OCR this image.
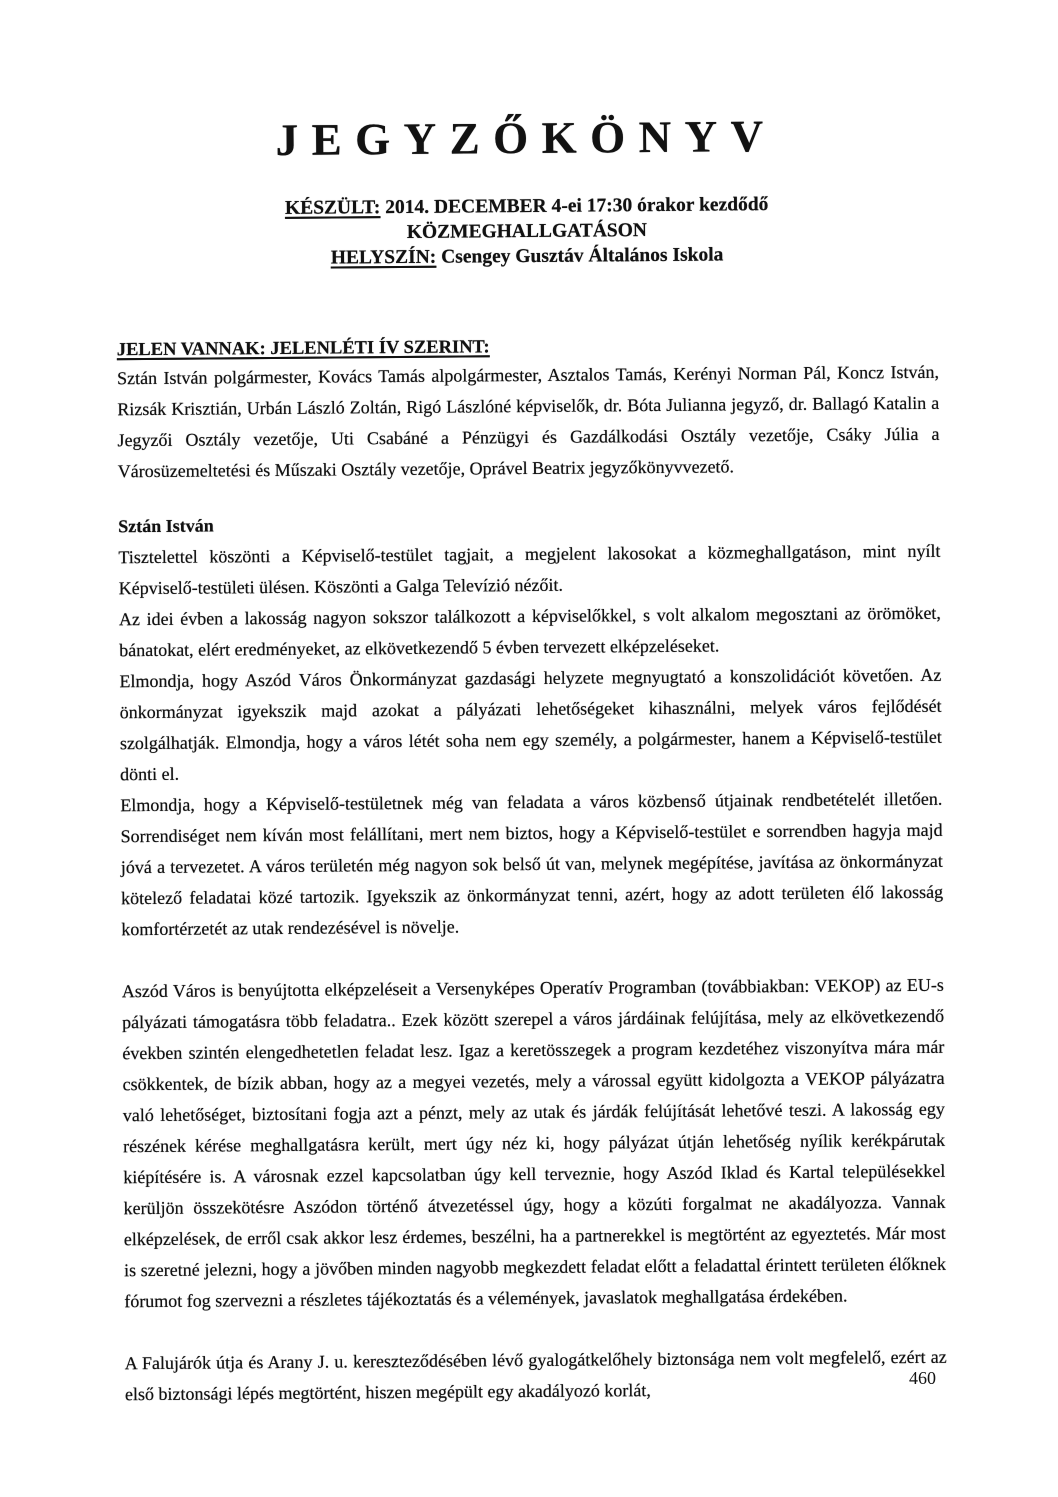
JEGYZŐKÖNYV
KÉSZÜLT: 2014. DECEMBER 4-ei 17:30 órakor kezdődő
KÖZMEGHALLGATÁSON
HELYSZÍN: Csengey Gusztáv Általános Iskola
JELEN VANNAK: JELENLÉTI ÍV SZERINT:

Sztán István polgármester, Kovács Tamás alpolgármester, Asztalos Tamás, Kerényi Norman Pál, Koncz István, Rizsák Krisztián, Urbán László Zoltán, Rigó Lászlóné képviselők, dr. Bóta Julianna jegyző, dr. Ballagó Katalin a Jegyzői Osztály vezetője, Uti Csabáné a Pénzügyi és Gazdálkodási Osztály vezetője, Csáky Júlia a Városüzemeltetési és Műszaki Osztály vezetője, Oprável Beatrix jegyzőkönyvvezető.

Sztán István

Tisztelettel köszönti a Képviselő-testület tagjait, a megjelent lakosokat a közmeghallgatáson, mint nyílt Képviselő-testületi ülésen. Köszönti a Galga Televízió nézőit.

Az idei évben a lakosság nagyon sokszor találkozott a képviselőkkel, s volt alkalom megosztani az örömöket, bánatokat, elért eredményeket, az elkövetkezendő 5 évben tervezett elképzeléseket.

Elmondja, hogy Aszód Város Önkormányzat gazdasági helyzete megnyugtató a konszolidációt követően. Az önkormányzat igyekszik majd azokat a pályázati lehetőségeket kihasználni, melyek város fejlődését szolgálhatják. Elmondja, hogy a város létét soha nem egy személy, a polgármester, hanem a Képviselő-testület dönti el.

Elmondja, hogy a Képviselő-testületnek még van feladata a város közbenső útjainak rendbetételét illetően. Sorrendiséget nem kíván most felállítani, mert nem biztos, hogy a Képviselő-testület e sorrendben hagyja majd jóvá a tervezetet. A város területén még nagyon sok belső út van, melynek megépítése, javítása az önkormányzat kötelező feladatai közé tartozik. Igyekszik az önkormányzat tenni, azért, hogy az adott területen élő lakosság komfortérzetét az utak rendezésével is növelje.

Aszód Város is benyújtotta elképzeléseit a Versenyképes Operatív Programban (továbbiakban: VEKOP) az EU-s pályázati támogatásra több feladatra.. Ezek között szerepel a város járdáinak felújítása, mely az elkövetkezendő években szintén elengedhetetlen feladat lesz. Igaz a keretösszegek a program kezdetéhez viszonyítva mára már csökkentek, de bízik abban, hogy az a megyei vezetés, mely a várossal együtt kidolgozta a VEKOP pályázatra való lehetőséget, biztosítani fogja azt a pénzt, mely az utak és járdák felújítását lehetővé teszi. A lakosság egy részének kérése meghallgatásra került, mert úgy néz ki, hogy pályázat útján lehetőség nyílik kerékpárutak kiépítésére is. A városnak ezzel kapcsolatban úgy kell terveznie, hogy Aszód Iklad és Kartal településekkel kerüljön összekötésre Aszódon történő átvezetéssel úgy, hogy a közúti forgalmat ne akadályozza. Vannak elképzelések, de erről csak akkor lesz érdemes, beszélni, ha a partnerekkel is megtörtént az egyeztetés. Már most is szeretné jelezni, hogy a jövőben minden nagyobb megkezdett feladat előtt a feladattal érintett területen élőknek fórumot fog szervezni a részletes tájékoztatás és a vélemények, javaslatok meghallgatása érdekében.

A Falujárók útja és Arany J. u. kereszteződésében lévő gyalogátkelőhely biztonsága nem volt megfelelő, ezért az első biztonsági lépés megtörtént, hiszen megépült egy akadályozó korlát,

460
